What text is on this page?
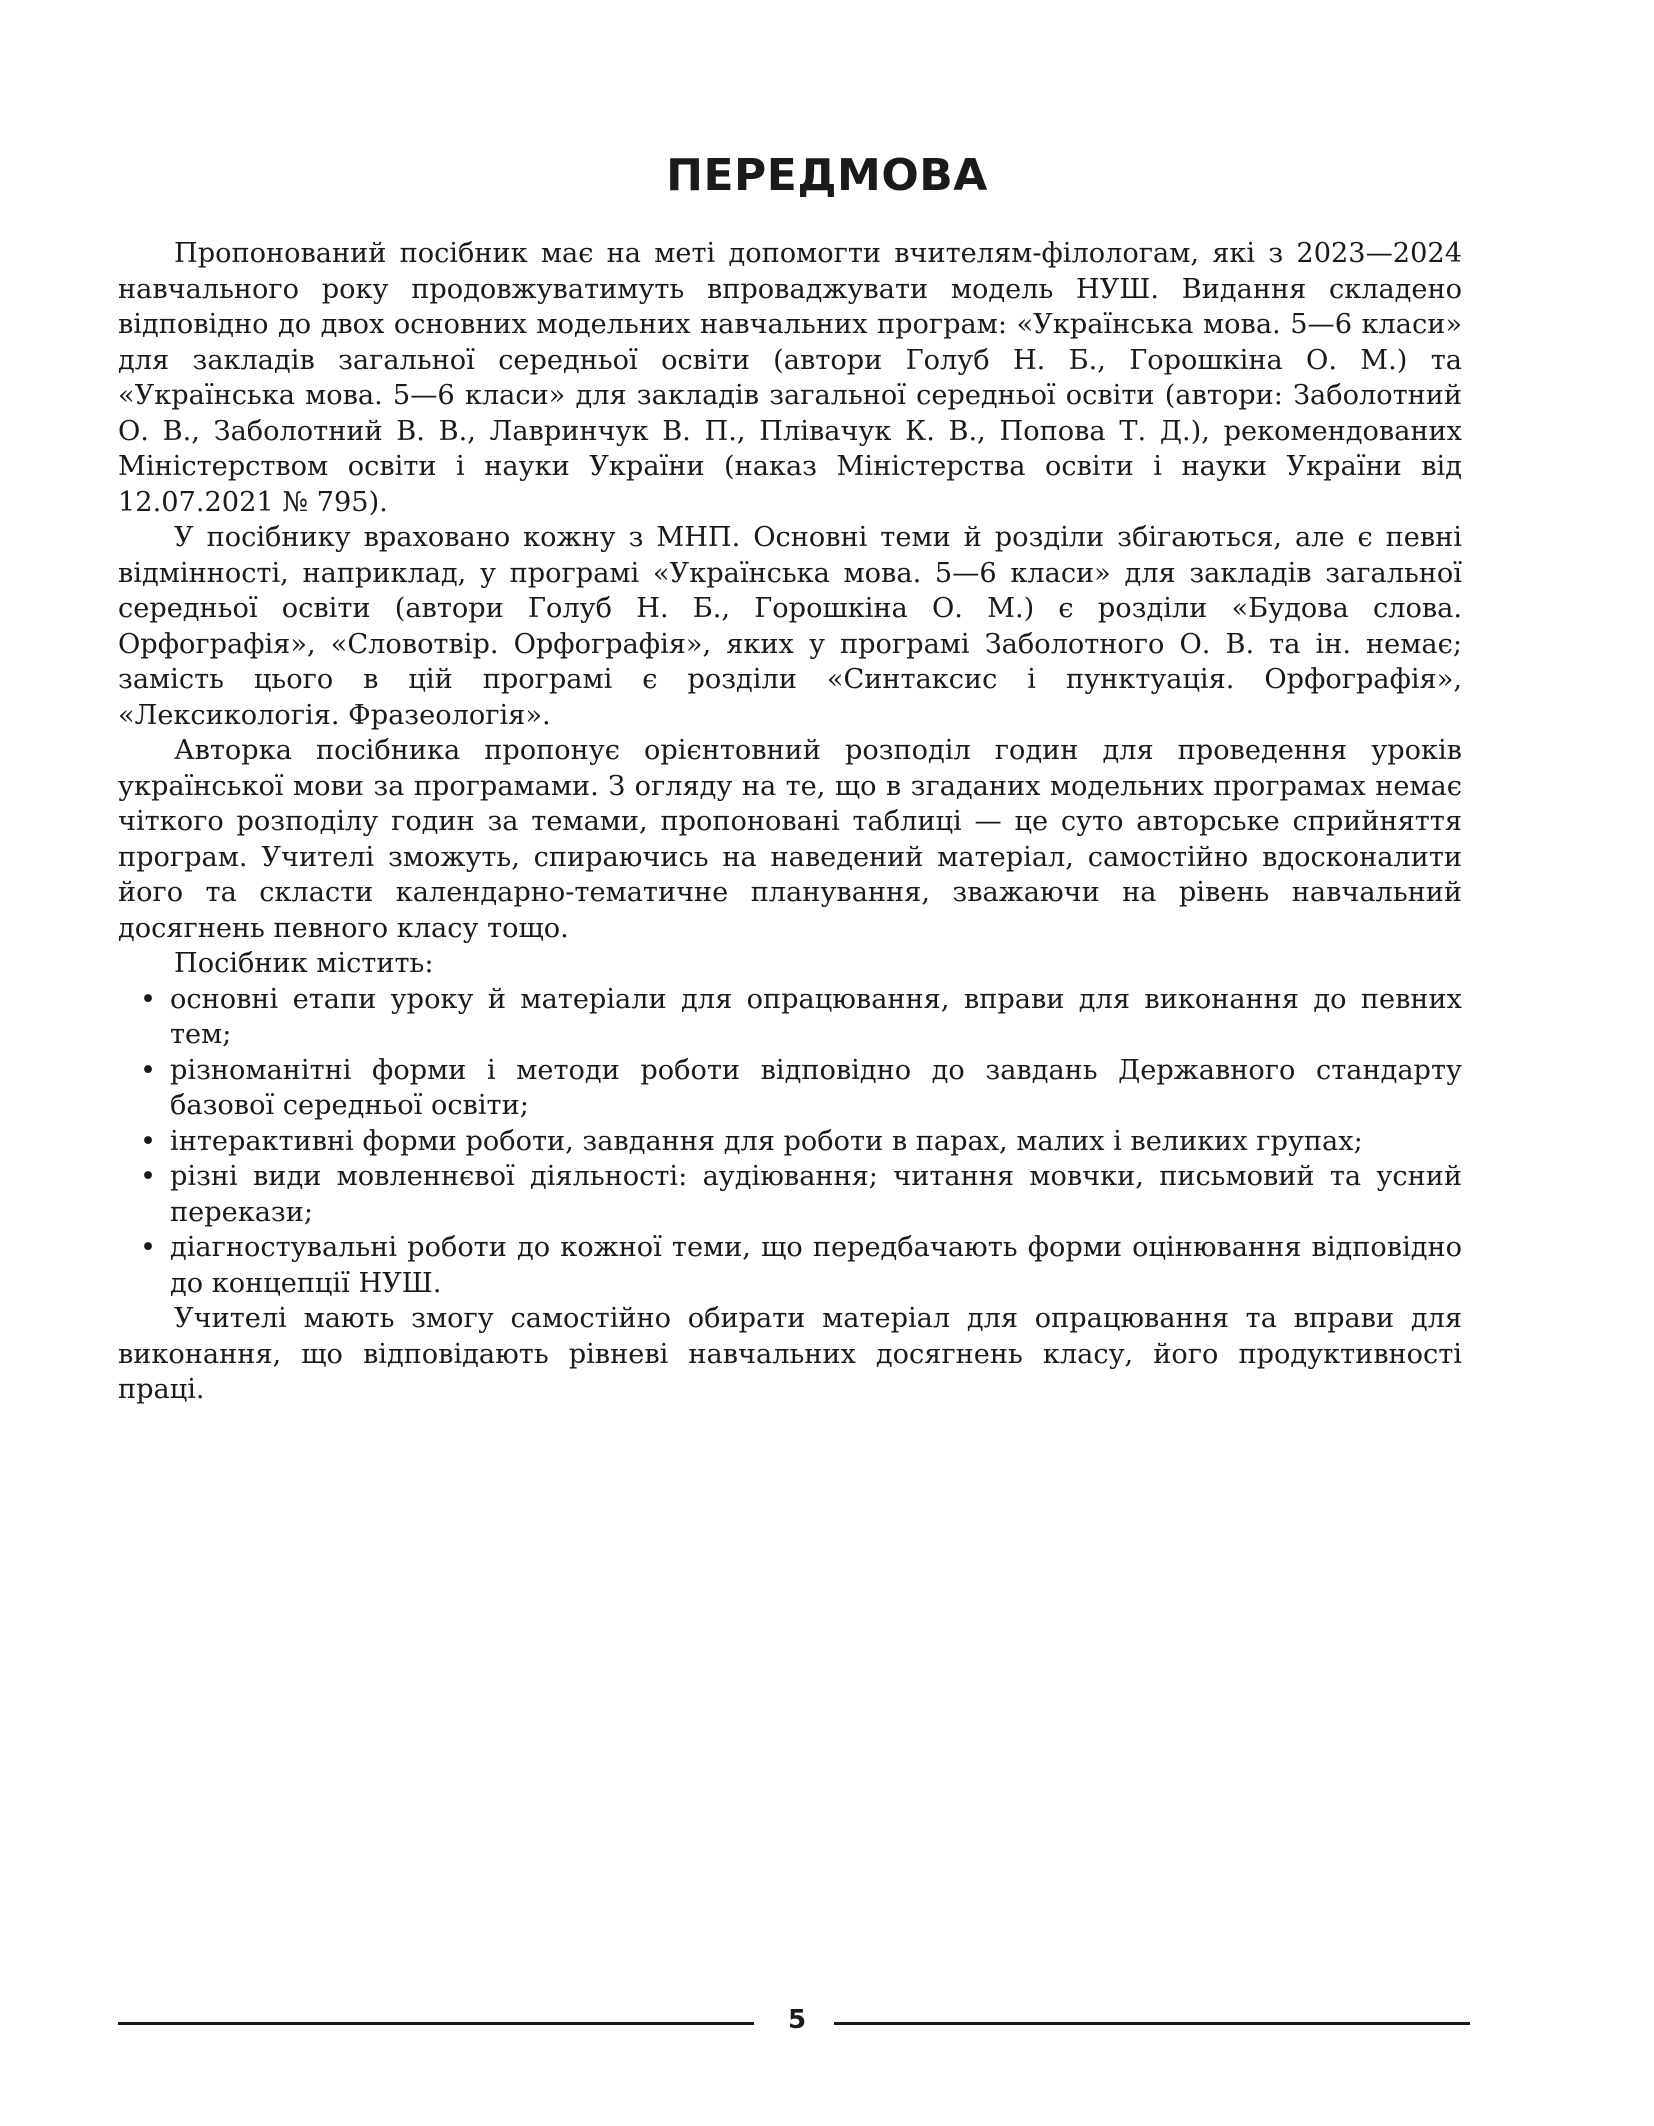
ПЕРЕДМОВА

Пропонований посібник має на меті допомогти вчителям-філологам, які з 2023—2024 навчального року продовжуватимуть впроваджувати модель НУШ. Видання складено відповідно до двох основних модельних навчальних програм: «Українська мова. 5—6 класи» для закладів загальної середньої освіти (автори Голуб Н. Б., Горошкіна О. М.) та «Українська мова. 5—6 класи» для закладів загальної середньої освіти (автори: Заболотний О. В., Заболотний В. В., Лавринчук В. П., Плівачук К. В., Попова Т. Д.), рекомендованих Міністерством освіти і науки України (наказ Міністерства освіти і науки України від 12.07.2021 № 795).

У посібнику враховано кожну з МНП. Основні теми й розділи збігаються, але є певні відмінності, наприклад, у програмі «Українська мова. 5—6 класи» для закладів загальної середньої освіти (автори Голуб Н. Б., Горошкіна О. М.) є розділи «Будова слова. Орфографія», «Словотвір. Орфографія», яких у програмі Заболотного О. В. та ін. немає; замість цього в цій програмі є розділи «Синтаксис і пунктуація. Орфографія», «Лексикологія. Фразеологія».

Авторка посібника пропонує орієнтовний розподіл годин для проведення уроків української мови за програмами. З огляду на те, що в згаданих модельних програмах немає чіткого розподілу годин за темами, пропоновані таблиці — це суто авторське сприйняття програм. Учителі зможуть, спираючись на наведений матеріал, самостійно вдосконалити його та скласти календарно-тематичне планування, зважаючи на рівень навчальний досягнень певного класу тощо.

Посібник містить:

• основні етапи уроку й матеріали для опрацювання, вправи для виконання до певних тем;
• різноманітні форми і методи роботи відповідно до завдань Державного стандарту базової середньої освіти;
• інтерактивні форми роботи, завдання для роботи в парах, малих і великих групах;
• різні види мовленнєвої діяльності: аудіювання; читання мовчки, письмовий та усний перекази;
• діагностувальні роботи до кожної теми, що передбачають форми оцінювання відповідно до концепції НУШ.

Учителі мають змогу самостійно обирати матеріал для опрацювання та вправи для виконання, що відповідають рівневі навчальних досягнень класу, його продуктивності праці.

5
